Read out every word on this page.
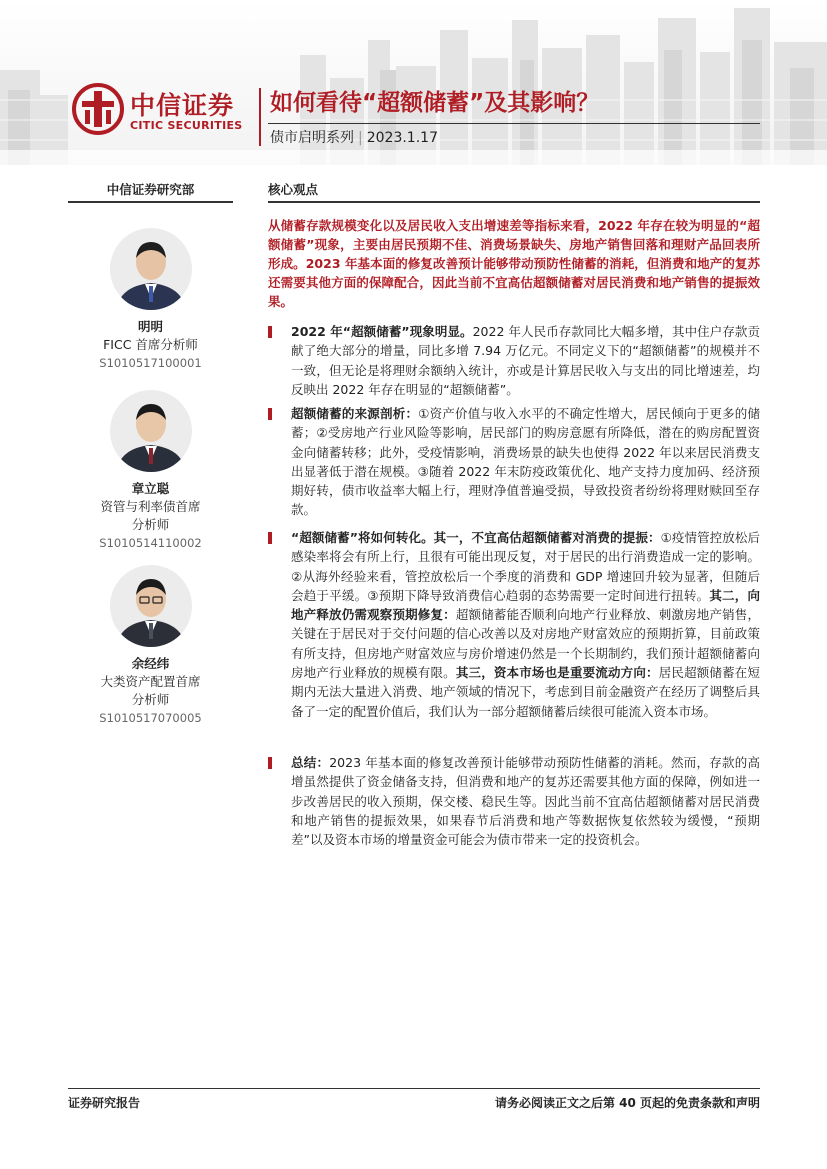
中信证券
CITIC SECURITIES
如何看待“超额储蓄”及其影响？
债市启明系列 | 2023.1.17
中信证券研究部	核心观点
明明
FICC 首席分析师
S1010517100001
章立聪
资管与利率债首席
分析师
S1010514110002
余经纬
大类资产配置首席
分析师
S1010517070005
从储蓄存款规模变化以及居民收入支出增速差等指标来看，2022 年存在较为明显的“超额储蓄”现象，主要由居民预期不佳、消费场景缺失、房地产销售回落和理财产品回表所形成。2023 年基本面的修复改善预计能够带动预防性储蓄的消耗，但消费和地产的复苏还需要其他方面的保障配合，因此当前不宜高估超额储蓄对居民消费和地产销售的提振效果。
2022 年“超额储蓄”现象明显。2022 年人民币存款同比大幅多增，其中住户存款贡献了绝大部分的增量，同比多增 7.94 万亿元。不同定义下的“超额储蓄”的规模并不一致，但无论是将理财余额纳入统计，亦或是计算居民收入与支出的同比增速差，均反映出 2022 年存在明显的“超额储蓄”。
超额储蓄的来源剖析：①资产价值与收入水平的不确定性增大，居民倾向于更多的储蓄；②受房地产行业风险等影响，居民部门的购房意愿有所降低，潜在的购房配置资金向储蓄转移；此外，受疫情影响，消费场景的缺失也使得 2022 年以来居民消费支出显著低于潜在规模。③随着 2022 年末防疫政策优化、地产支持力度加码、经济预期好转，债市收益率大幅上行，理财净值普遍受损，导致投资者纷纷将理财赎回至存款。
“超额储蓄”将如何转化。其一，不宜高估超额储蓄对消费的提振：①疫情管控放松后感染率将会有所上行，且很有可能出现反复，对于居民的出行消费造成一定的影响。②从海外经验来看，管控放松后一个季度的消费和 GDP 增速回升较为显著，但随后会趋于平缓。③预期下降导致消费信心趋弱的态势需要一定时间进行扭转。其二，向地产释放仍需观察预期修复：超额储蓄能否顺利向地产行业释放、刺激房地产销售，关键在于居民对于交付问题的信心改善以及对房地产财富效应的预期折算，目前政策有所支持，但房地产财富效应与房价增速仍然是一个长期制约，我们预计超额储蓄向房地产行业释放的规模有限。其三，资本市场也是重要流动方向：居民超额储蓄在短期内无法大量进入消费、地产领域的情况下，考虑到目前金融资产在经历了调整后具备了一定的配置价值后，我们认为一部分超额储蓄后续很可能流入资本市场。
总结：2023 年基本面的修复改善预计能够带动预防性储蓄的消耗。然而，存款的高增虽然提供了资金储备支持，但消费和地产的复苏还需要其他方面的保障，例如进一步改善居民的收入预期，保交楼、稳民生等。因此当前不宜高估超额储蓄对居民消费和地产销售的提振效果，如果春节后消费和地产等数据恢复依然较为缓慢，“预期差”以及资本市场的增量资金可能会为债市带来一定的投资机会。
证券研究报告	请务必阅读正文之后第 40 页起的免责条款和声明
